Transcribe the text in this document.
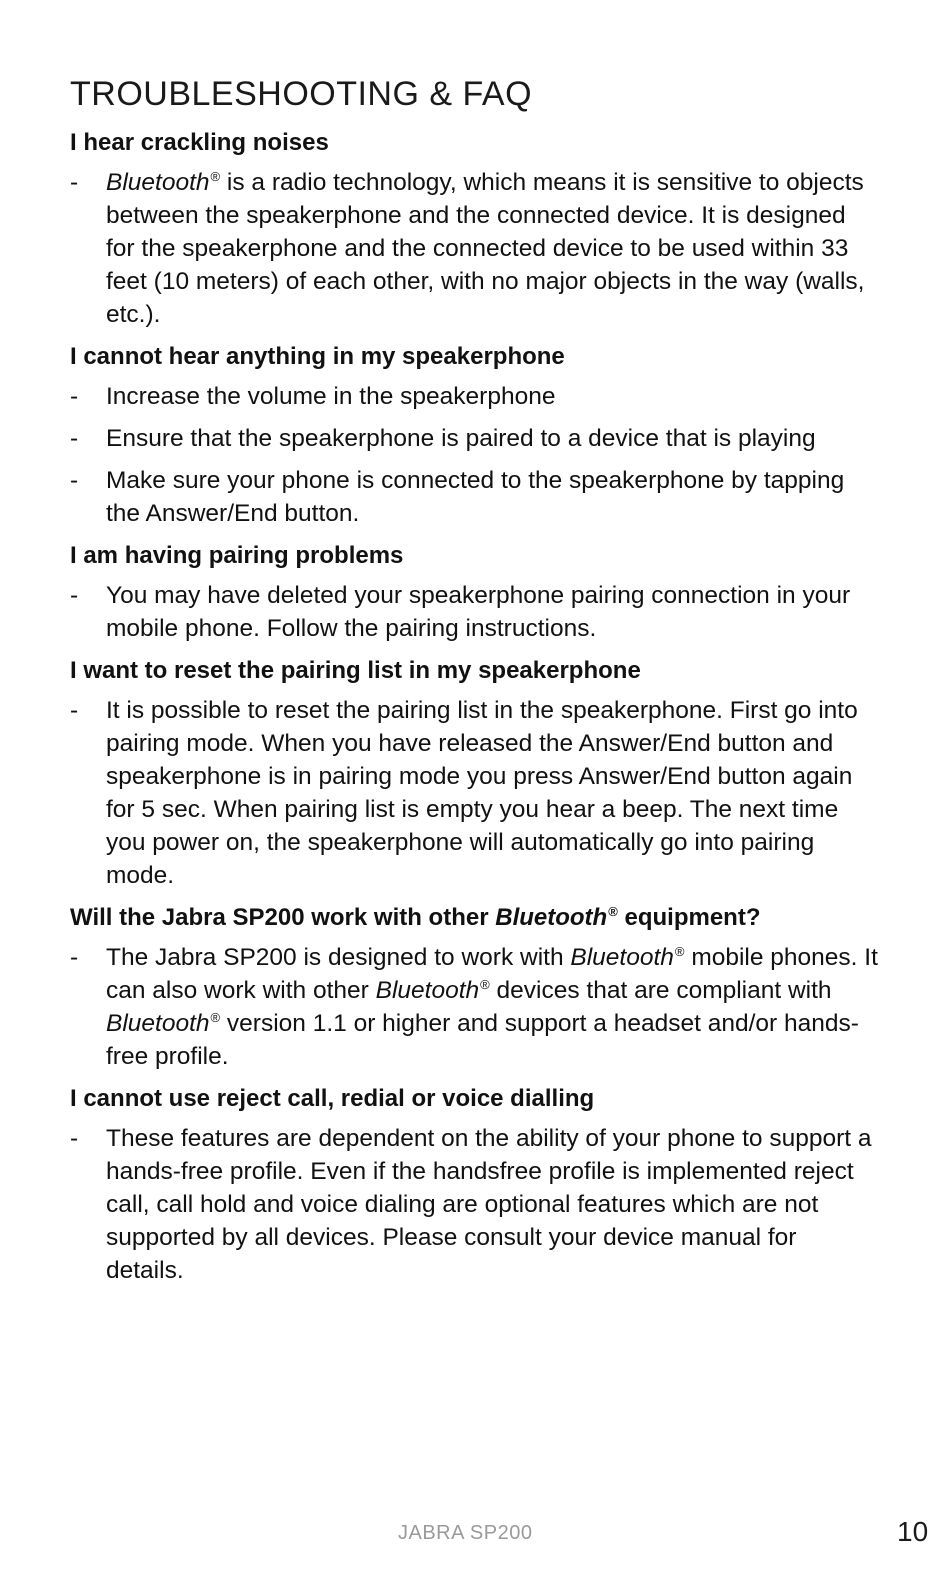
TROUBLESHOOTING & FAQ
I hear crackling noises
- Bluetooth® is a radio technology, which means it is sensitive to objects between the speakerphone and the connected device. It is designed for the speakerphone and the connected device to be used within 33 feet (10 meters) of each other, with no major objects in the way (walls, etc.).
I cannot hear anything in my speakerphone
- Increase the volume in the speakerphone
- Ensure that the speakerphone is paired to a device that is playing
- Make sure your phone is connected to the speakerphone by tapping the Answer/End button.
I am having pairing problems
- You may have deleted your speakerphone pairing connection in your mobile phone. Follow the pairing instructions.
I want to reset the pairing list in my speakerphone
- It is possible to reset the pairing list in the speakerphone. First go into pairing mode. When you have released the Answer/End button and speakerphone is in pairing mode you press Answer/End button again for 5 sec. When pairing list is empty you hear a beep. The next time you power on, the speakerphone will automatically go into pairing mode.
Will the Jabra SP200 work with other Bluetooth® equipment?
- The Jabra SP200 is designed to work with Bluetooth® mobile phones. It can also work with other Bluetooth® devices that are compliant with Bluetooth® version 1.1 or higher and support a headset and/or hands-free profile.
I cannot use reject call, redial or voice dialling
- These features are dependent on the ability of your phone to support a hands-free profile. Even if the handsfree profile is implemented reject call, call hold and voice dialing are optional features which are not supported by all devices. Please consult your device manual for details.
JABRA SP200	10
